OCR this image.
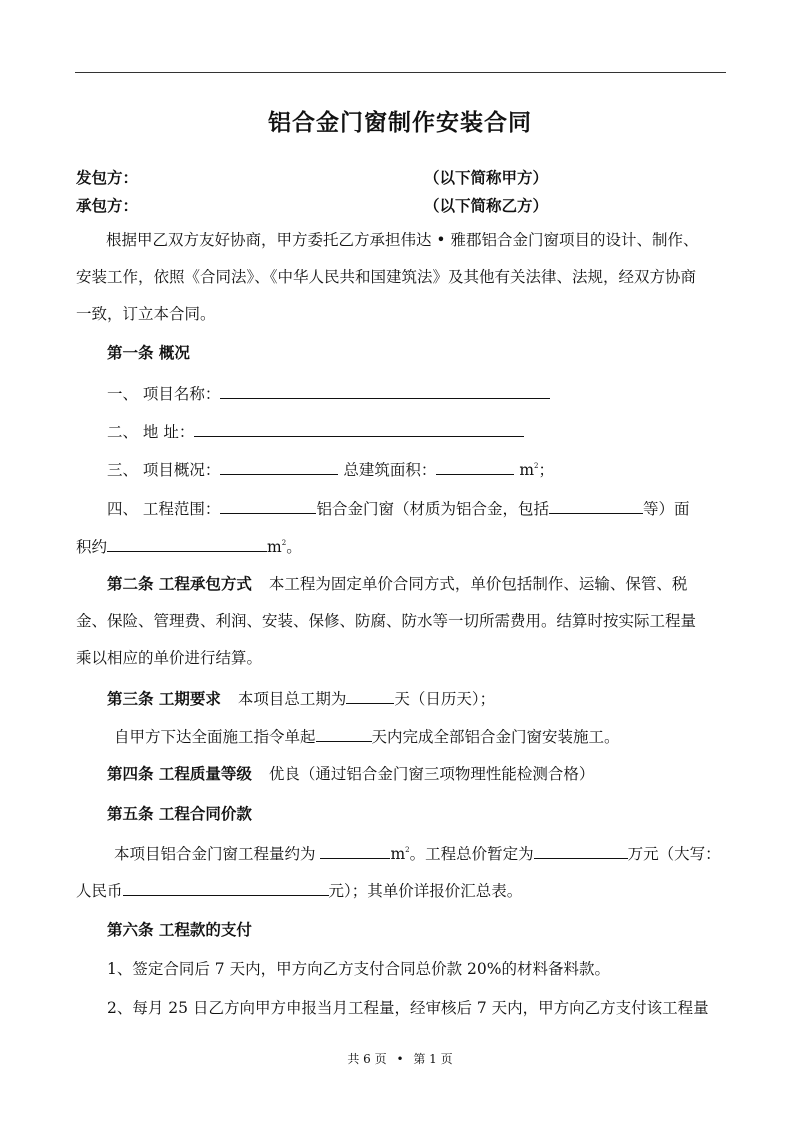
铝合金门窗制作安装合同
发包方：	（以下简称甲方）
承包方：	（以下简称乙方）
根据甲乙双方友好协商，甲方委托乙方承担伟达 • 雅郡铝合金门窗项目的设计、制作、
安装工作，依照《合同法》、《中华人民共和国建筑法》及其他有关法律、法规，经双方协商
一致，订立本合同。
第一条 概况
一、 项目名称：
二、 地 址：
三、 项目概况：	总建筑面积：	$m^2$；
四、 工程范围：	铝合金门窗（材质为铝合金，包括	等）面
积约	$m^2$。
第二条 工程承包方式 本工程为固定单价合同方式，单价包括制作、运输、保管、税
金、保险、管理费、利润、安装、保修、防腐、防水等一切所需费用。结算时按实际工程量
乘以相应的单价进行结算。
第三条 工期要求 本项目总工期为	天（日历天）；
自甲方下达全面施工指令单起	天内完成全部铝合金门窗安装施工。
第四条 工程质量等级 优良（通过铝合金门窗三项物理性能检测合格）
第五条 工程合同价款
本项目铝合金门窗工程量约为	$m^2$。工程总价暂定为	万元（大写：
人民币	元）；其单价详报价汇总表。
第六条 工程款的支付
1、签定合同后 7 天内，甲方向乙方支付合同总价款 20%的材料备料款。
2、每月 25 日乙方向甲方申报当月工程量，经审核后 7 天内，甲方向乙方支付该工程量
共 6 页 • 第 1 页
